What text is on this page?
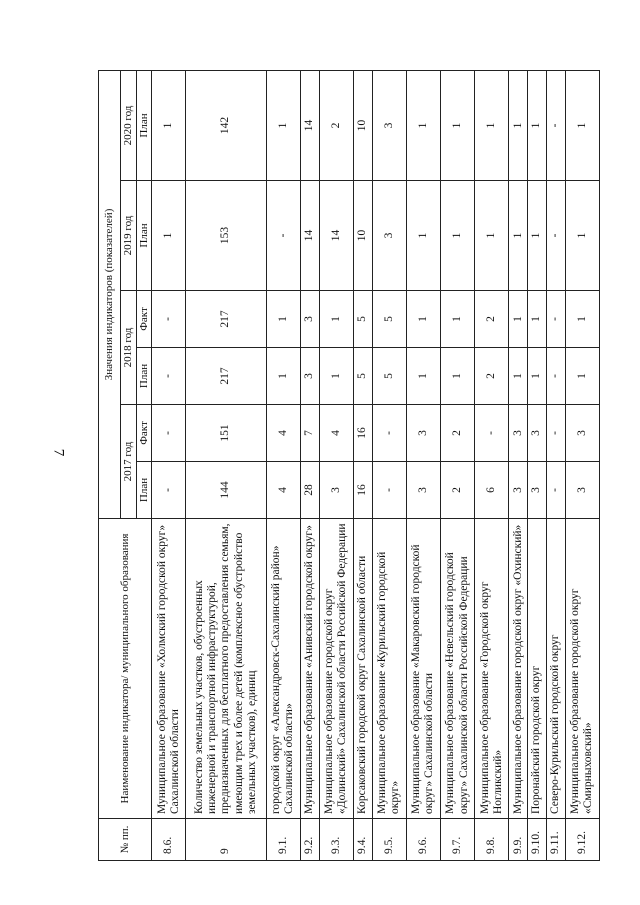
7
№ пп.	Наименование индикатора/ муниципального образования	Значения индикаторов (показателей)					
		2017 год		2018 год		2019 год	2020 год
		План	Факт	План	Факт	План	План
8.6.	Муниципальное образование «Холмский городской округ» Сахалинской области	-	-	-	-	1	1
9	Количество земельных участков, обустроенных инженерной и транспортной инфраструктурой, предназначенных для бесплатного предоставления семьям, имеющим трех и более детей (комплексное обустройство земельных участков), единиц	144	151	217	217	153	142
9.1.	городской округ «Александровск-Сахалинский район» Сахалинской области»	4	4	1	1	-	1
9.2.	Муниципальное образование «Анивский городской округ»	28	7	3	3	14	14
9.3.	Муниципальное образование городской округ «Долинский» Сахалинской области Российской Федерации	3	4	1	1	14	2
9.4.	Корсаковский городской округ Сахалинской области	16	16	5	5	10	10
9.5.	Муниципальное образование «Курильский городской округ»	-	-	5	5	3	3
9.6.	Муниципальное образование «Макаровский городской округ» Сахалинской области	3	3	1	1	1	1
9.7.	Муниципальное образование «Невельский городской округ» Сахалинской области Российской Федерации	2	2	1	1	1	1
9.8.	Муниципальное образование «Городской округ Ногликский»	6	-	2	2	1	1
9.9.	Муниципальное образование городской округ «Охинский»	3	3	1	1	1	1
9.10.	Поронайский городской округ	3	3	1	1	1	1
9.11.	Северо-Курильский городской округ	-	-	-	-	-	-
9.12.	Муниципальное образование городской округ «Смирныховский»	3	3	1	1	1	1
